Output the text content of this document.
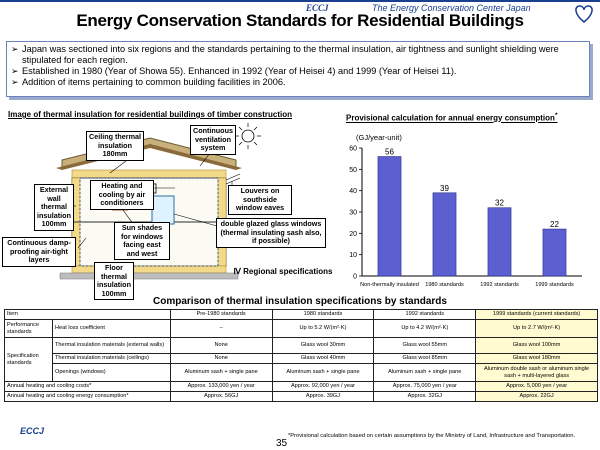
ECCJ	The Energy Conservation Center Japan
Energy Conservation Standards for Residential Buildings
➢ Japan was sectioned into six regions and the standards pertaining to the thermal insulation, air tightness and sunlight shielding were stipulated for each region.
➢ Established in 1980 (Year of Showa 55). Enhanced in 1992 (Year of Heisei 4) and 1999 (Year of Heisei 11).
➢ Addition of items pertaining to common building facilities in 2006.
Image of thermal insulation for residential buildings of timber construction
Ceiling thermal insulation 180mm
Continuous ventilation system
Heating and cooling by air conditioners
External wall thermal insulation 100mm
Louvers on southside window eaves
Sun shades for windows facing east and west
double glazed glass windows (thermal insulating sash also, if possible)
Continuous damp-proofing air-tight layers
Floor thermal insulation 100mm
Ⅳ Regional specifications
Provisional calculation for annual energy consumption*
(GJ/year-unit)
0
10
20
30
40
50
60	56
Non-thermally insulated
39
1980 standards
32
1992 standards
22
1999 standards
Comparison of thermal insulation specifications by standards
Item		Pre-1980 standards	1980 standards	1992 standards	1999 standards (current standards)
Performance standards	Heat loss coefficient	–	Up to 5.2 W/(m²·K)	Up to 4.2 W/(m²·K)	Up to 2.7 W/(m²·K)
Specification standards	Thermal insulation materials (external walls)	None	Glass wool 30mm	Glass wool 55mm	Glass wool 100mm
	Thermal insulation materials (ceilings)	None	Glass wool 40mm	Glass wool 85mm	Glass wool 180mm
	Openings (windows)	Aluminum sash + single pane	Aluminum sash + single pane	Aluminum sash + single pane	Aluminum double sash or aluminum single sash + multi-layered glass
Annual heating and cooling costs*		Approx. 133,000 yen / year	Approx. 92,000 yen / year	Approx. 75,000 yen / year	Approx. 5,000 yen / year
Annual heating and cooling energy consumption*		Approx. 56GJ	Approx. 39GJ	Approx. 32GJ	Approx. 22GJ
ECCJ
35
*Provisional calculation based on certain assumptions by the Ministry of Land, Infrastructure and Transportation.
